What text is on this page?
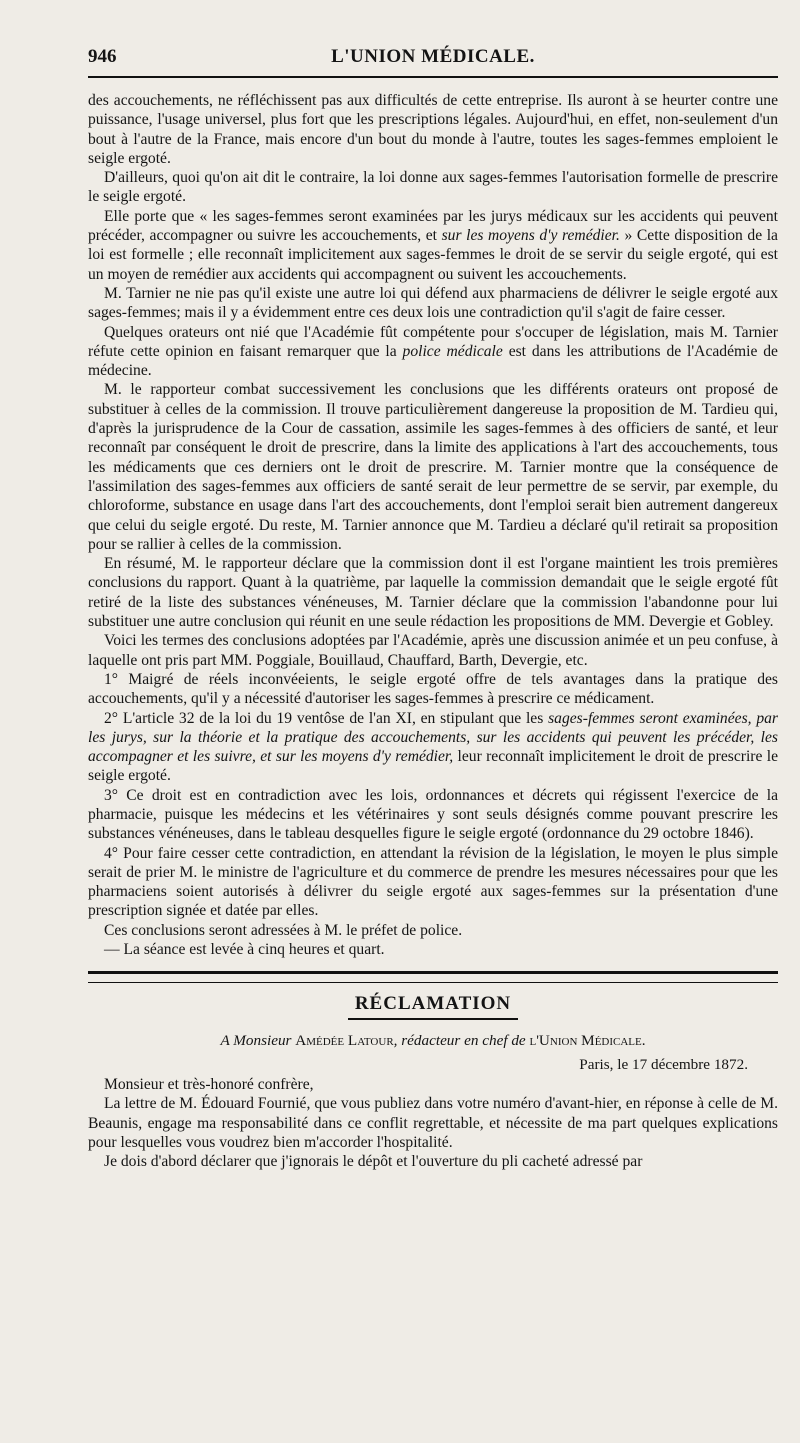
946	L'UNION MÉDICALE.

des accouchements, ne réfléchissent pas aux difficultés de cette entreprise. Ils auront à se heurter contre une puissance, l'usage universel, plus fort que les prescriptions légales. Aujourd'hui, en effet, non-seulement d'un bout à l'autre de la France, mais encore d'un bout du monde à l'autre, toutes les sages-femmes emploient le seigle ergoté.

D'ailleurs, quoi qu'on ait dit le contraire, la loi donne aux sages-femmes l'autorisation formelle de prescrire le seigle ergoté.

Elle porte que « les sages-femmes seront examinées par les jurys médicaux sur les accidents qui peuvent précéder, accompagner ou suivre les accouchements, et sur les moyens d'y remédier. » Cette disposition de la loi est formelle ; elle reconnaît implicitement aux sages-femmes le droit de se servir du seigle ergoté, qui est un moyen de remédier aux accidents qui accompagnent ou suivent les accouchements.

M. Tarnier ne nie pas qu'il existe une autre loi qui défend aux pharmaciens de délivrer le seigle ergoté aux sages-femmes; mais il y a évidemment entre ces deux lois une contradiction qu'il s'agit de faire cesser.

Quelques orateurs ont nié que l'Académie fût compétente pour s'occuper de législation, mais M. Tarnier réfute cette opinion en faisant remarquer que la police médicale est dans les attributions de l'Académie de médecine.

M. le rapporteur combat successivement les conclusions que les différents orateurs ont proposé de substituer à celles de la commission. Il trouve particulièrement dangereuse la proposition de M. Tardieu qui, d'après la jurisprudence de la Cour de cassation, assimile les sages-femmes à des officiers de santé, et leur reconnaît par conséquent le droit de prescrire, dans la limite des applications à l'art des accouchements, tous les médicaments que ces derniers ont le droit de prescrire. M. Tarnier montre que la conséquence de l'assimilation des sages-femmes aux officiers de santé serait de leur permettre de se servir, par exemple, du chloroforme, substance en usage dans l'art des accouchements, dont l'emploi serait bien autrement dangereux que celui du seigle ergoté. Du reste, M. Tarnier annonce que M. Tardieu a déclaré qu'il retirait sa proposition pour se rallier à celles de la commission.

En résumé, M. le rapporteur déclare que la commission dont il est l'organe maintient les trois premières conclusions du rapport. Quant à la quatrième, par laquelle la commission demandait que le seigle ergoté fût retiré de la liste des substances vénéneuses, M. Tarnier déclare que la commission l'abandonne pour lui substituer une autre conclusion qui réunit en une seule rédaction les propositions de MM. Devergie et Gobley.

Voici les termes des conclusions adoptées par l'Académie, après une discussion animée et un peu confuse, à laquelle ont pris part MM. Poggiale, Bouillaud, Chauffard, Barth, Devergie, etc.

1° Maigré de réels inconvéeients, le seigle ergoté offre de tels avantages dans la pratique des accouchements, qu'il y a nécessité d'autoriser les sages-femmes à prescrire ce médicament.

2° L'article 32 de la loi du 19 ventôse de l'an XI, en stipulant que les sages-femmes seront examinées, par les jurys, sur la théorie et la pratique des accouchements, sur les accidents qui peuvent les précéder, les accompagner et les suivre, et sur les moyens d'y remédier, leur reconnaît implicitement le droit de prescrire le seigle ergoté.

3° Ce droit est en contradiction avec les lois, ordonnances et décrets qui régissent l'exercice de la pharmacie, puisque les médecins et les vétérinaires y sont seuls désignés comme pouvant prescrire les substances vénéneuses, dans le tableau desquelles figure le seigle ergoté (ordonnance du 29 octobre 1846).

4° Pour faire cesser cette contradiction, en attendant la révision de la législation, le moyen le plus simple serait de prier M. le ministre de l'agriculture et du commerce de prendre les mesures nécessaires pour que les pharmaciens soient autorisés à délivrer du seigle ergoté aux sages-femmes sur la présentation d'une prescription signée et datée par elles.

Ces conclusions seront adressées à M. le préfet de police.

— La séance est levée à cinq heures et quart.

RÉCLAMATION
A Monsieur Amédée Latour, rédacteur en chef de l'Union Médicale.
Paris, le 17 décembre 1872.
Monsieur et très-honoré confrère,

La lettre de M. Édouard Fournié, que vous publiez dans votre numéro d'avant-hier, en réponse à celle de M. Beaunis, engage ma responsabilité dans ce conflit regrettable, et nécessite de ma part quelques explications pour lesquelles vous voudrez bien m'accorder l'hospitalité.

Je dois d'abord déclarer que j'ignorais le dépôt et l'ouverture du pli cacheté adressé par
